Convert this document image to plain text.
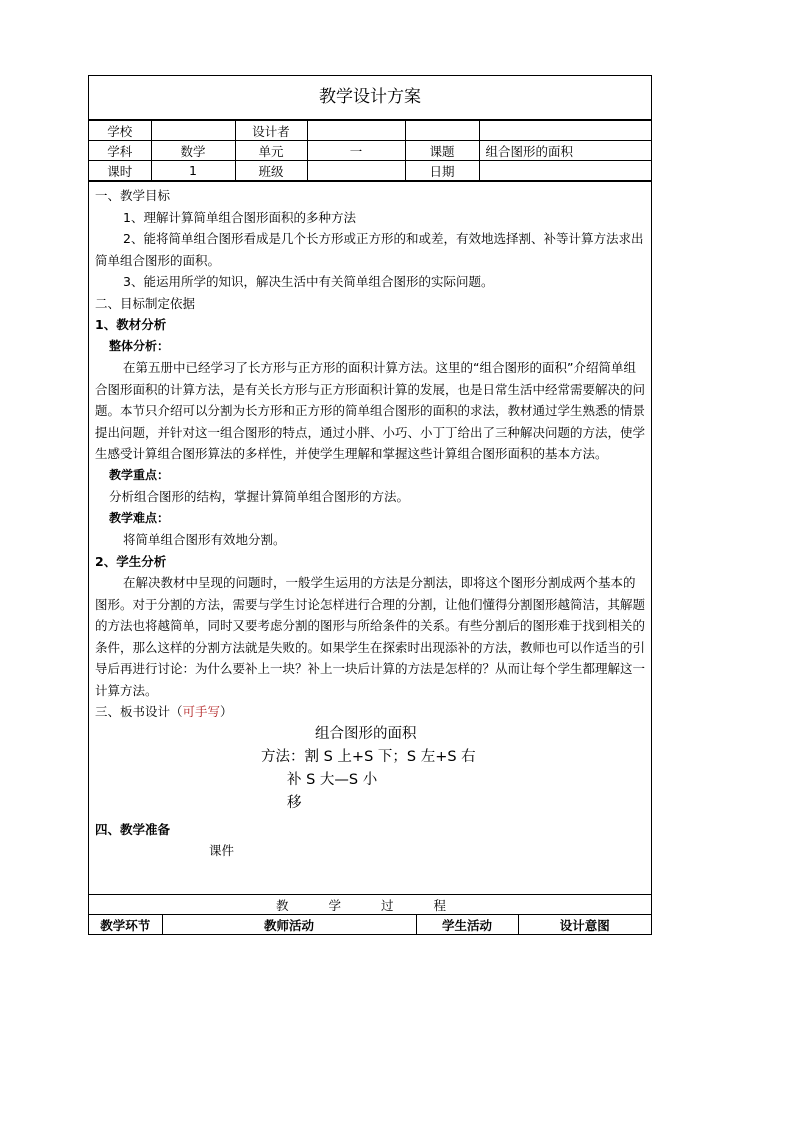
教学设计方案
学校		设计者			
学科	数学	单元	一	课题	组合图形的面积
课时	1	班级		日期	

一、教学目标

1、理解计算简单组合图形面积的多种方法

2、能将简单组合图形看成是几个长方形或正方形的和或差，有效地选择割、补等计算方法求出简单组合图形的面积。

3、能运用所学的知识，解决生活中有关简单组合图形的实际问题。

二、目标制定依据

1、教材分析

整体分析：

在第五册中已经学习了长方形与正方形的面积计算方法。这里的“组合图形的面积”介绍简单组合图形面积的计算方法，是有关长方形与正方形面积计算的发展，也是日常生活中经常需要解决的问题。本节只介绍可以分割为长方形和正方形的简单组合图形的面积的求法，教材通过学生熟悉的情景提出问题，并针对这一组合图形的特点，通过小胖、小巧、小丁丁给出了三种解决问题的方法，使学生感受计算组合图形算法的多样性，并使学生理解和掌握这些计算组合图形面积的基本方法。

教学重点：

分析组合图形的结构，掌握计算简单组合图形的方法。

教学难点：

将简单组合图形有效地分割。

2、学生分析

在解决教材中呈现的问题时，一般学生运用的方法是分割法，即将这个图形分割成两个基本的图形。对于分割的方法，需要与学生讨论怎样进行合理的分割，让他们懂得分割图形越简洁，其解题的方法也将越简单，同时又要考虑分割的图形与所给条件的关系。有些分割后的图形难于找到相关的条件，那么这样的分割方法就是失败的。如果学生在探索时出现添补的方法，教师也可以作适当的引导后再进行讨论：为什么要补上一块？补上一块后计算的方法是怎样的？从而让每个学生都理解这一计算方法。

三、板书设计（可手写）

组合图形的面积
方法：割 S 上+S 下；S 左+S 右
补 S 大—S 小
移

四、教学准备

课件

教 学 过 程
教学环节	教师活动	学生活动	设计意图
